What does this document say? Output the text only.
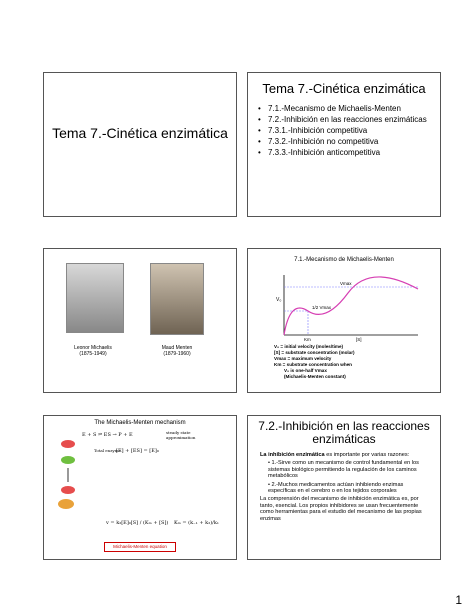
Tema 7.-Cinética enzimática
Tema 7.-Cinética enzimática
• 7.1.-Mecanismo de Michaelis-Menten
• 7.2.-Inhibición en las reacciones enzimáticas
• 7.3.1.-Inhibición competitiva
• 7.3.2.-Inhibición no competitiva
• 7.3.3.-Inhibición anticompetitiva
Leonor Michaelis
(1875-1949)
Maud Menten
(1879-1960)
7.1.-Mecanismo de Michaelis-Menten
V₀
Vmax
1/2 Vmax
Km	[S]
V₀ = initial velocity (moles/time)
[S] = substrate concentration (molar)
Vmax = maximum velocity
Km = substrate concentration when
V₀ is one-half Vmax
(Michaelis-Menten constant)
The Michaelis-Menten mechanism
E + S ⇌ ES → P + E	steady state approximation
Total enzyme
[E] + [ES] = [E]₀
v = k₂[E]₀[S] / (Kₘ + [S]) Kₘ = (k₋₁ + k₂)/k₁
Michaelis-Menten equation
7.2.-Inhibición en las reacciones enzimáticas

La inhibición enzimática es importante por varias razones:

• 1.-Sirve como un mecanismo de control fundamental en los sistemas biológico permitiendo la regulación de los caminos metabólicos

• 2.-Muchos medicamentos actúan inhibiendo enzimas específicas en el cerebro o en los tejidos corporales

La comprensión del mecanismo de inhibición enzimática es, por tanto, esencial. Los propios inhibidores se usan frecuentemente como herramientas para el estudio del mecanismo de las propias enzimas

1
